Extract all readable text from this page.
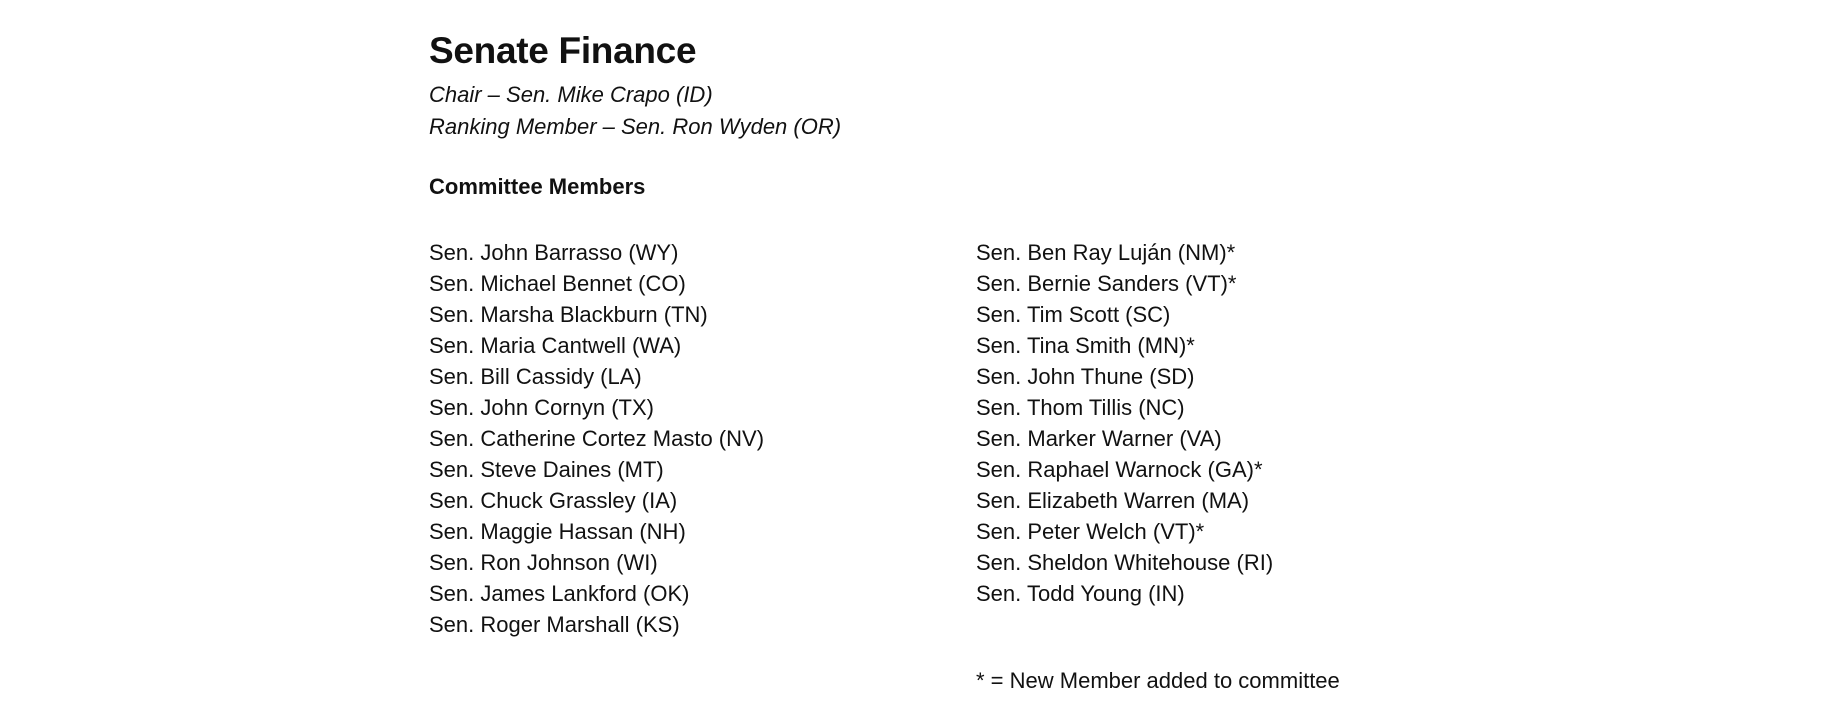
Senate Finance

Chair – Sen. Mike Crapo (ID)

Ranking Member – Sen. Ron Wyden (OR)

Committee Members
Sen. John Barrasso (WY)
Sen. Michael Bennet (CO)
Sen. Marsha Blackburn (TN)
Sen. Maria Cantwell (WA)
Sen. Bill Cassidy (LA)
Sen. John Cornyn (TX)
Sen. Catherine Cortez Masto (NV)
Sen. Steve Daines (MT)
Sen. Chuck Grassley (IA)
Sen. Maggie Hassan (NH)
Sen. Ron Johnson (WI)
Sen. James Lankford (OK)
Sen. Roger Marshall (KS)
Sen. Ben Ray Luján (NM)*
Sen. Bernie Sanders (VT)*
Sen. Tim Scott (SC)
Sen. Tina Smith (MN)*
Sen. John Thune (SD)
Sen. Thom Tillis (NC)
Sen. Marker Warner (VA)
Sen. Raphael Warnock (GA)*
Sen. Elizabeth Warren (MA)
Sen. Peter Welch (VT)*
Sen. Sheldon Whitehouse (RI)
Sen. Todd Young (IN)

* = New Member added to committee
